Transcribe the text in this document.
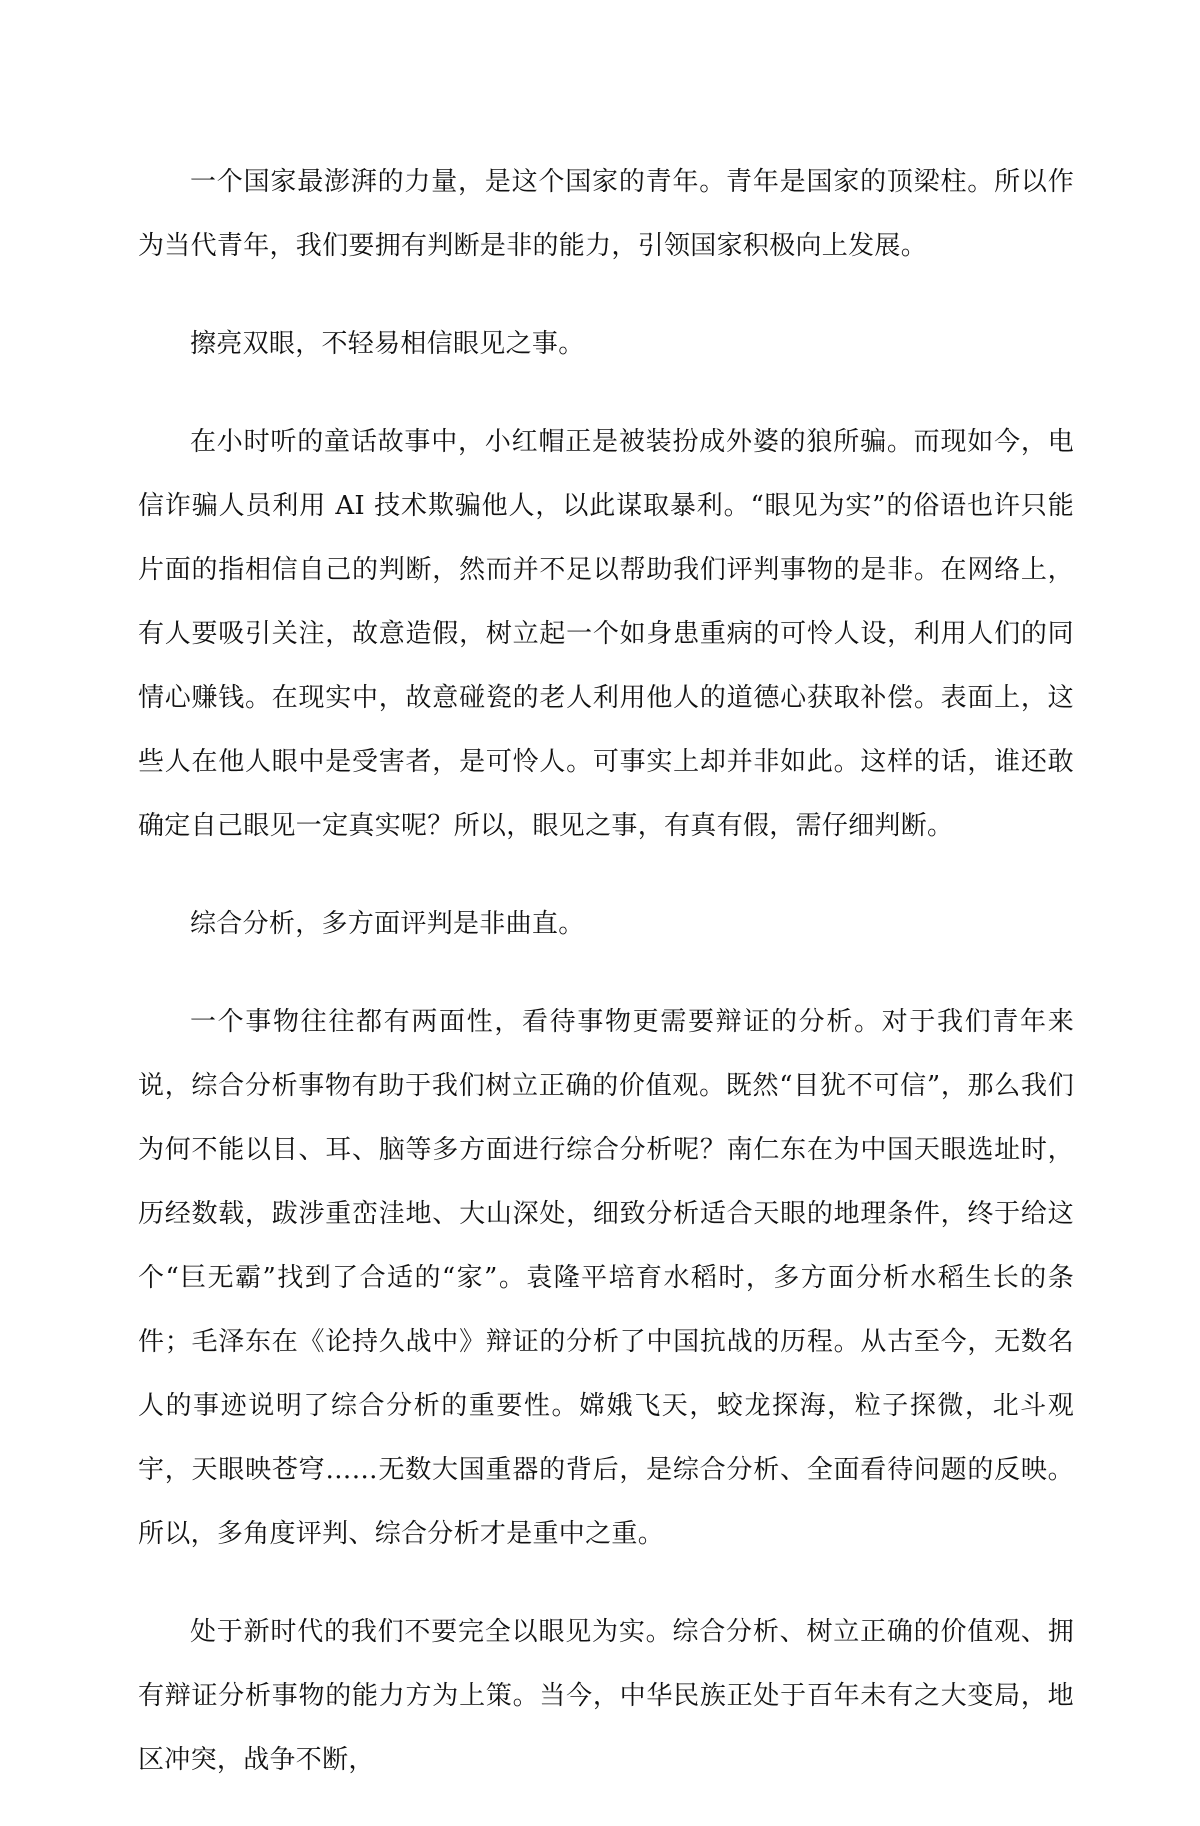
一个国家最澎湃的力量，是这个国家的青年。青年是国家的顶梁柱。所以作为当代青年，我们要拥有判断是非的能力，引领国家积极向上发展。

擦亮双眼，不轻易相信眼见之事。

在小时听的童话故事中，小红帽正是被装扮成外婆的狼所骗。而现如今，电信诈骗人员利用 AI 技术欺骗他人，以此谋取暴利。“眼见为实”的俗语也许只能片面的指相信自己的判断，然而并不足以帮助我们评判事物的是非。在网络上，有人要吸引关注，故意造假，树立起一个如身患重病的可怜人设，利用人们的同情心赚钱。在现实中，故意碰瓷的老人利用他人的道德心获取补偿。表面上，这些人在他人眼中是受害者，是可怜人。可事实上却并非如此。这样的话，谁还敢确定自己眼见一定真实呢？所以，眼见之事，有真有假，需仔细判断。

综合分析，多方面评判是非曲直。

一个事物往往都有两面性，看待事物更需要辩证的分析。对于我们青年来说，综合分析事物有助于我们树立正确的价值观。既然“目犹不可信”，那么我们为何不能以目、耳、脑等多方面进行综合分析呢？南仁东在为中国天眼选址时，历经数载，跋涉重峦洼地、大山深处，细致分析适合天眼的地理条件，终于给这个“巨无霸”找到了合适的“家”。袁隆平培育水稻时，多方面分析水稻生长的条件；毛泽东在《论持久战中》辩证的分析了中国抗战的历程。从古至今，无数名人的事迹说明了综合分析的重要性。嫦娥飞天，蛟龙探海，粒子探微，北斗观宇，天眼映苍穹……无数大国重器的背后，是综合分析、全面看待问题的反映。所以，多角度评判、综合分析才是重中之重。

处于新时代的我们不要完全以眼见为实。综合分析、树立正确的价值观、拥有辩证分析事物的能力方为上策。当今，中华民族正处于百年未有之大变局，地区冲突，战争不断，
